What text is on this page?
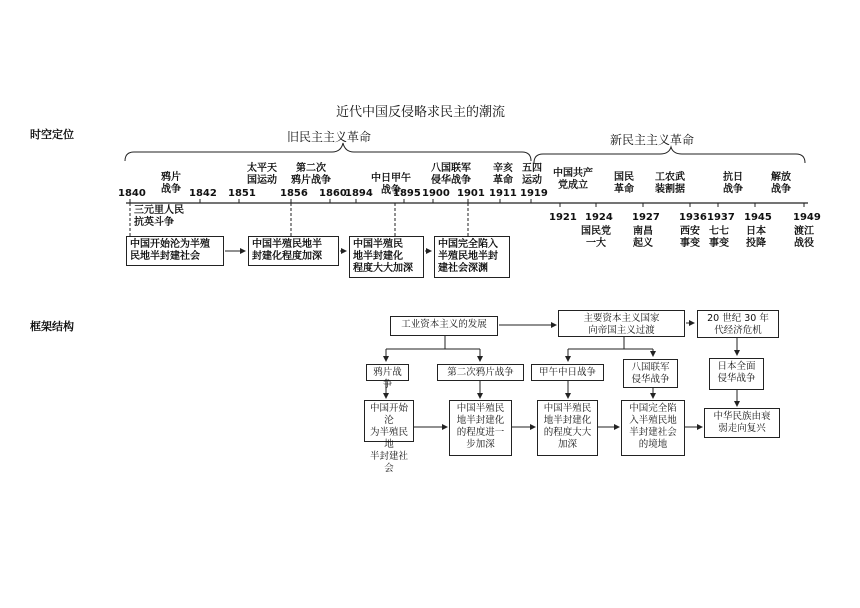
近代中国反侵略求民主的潮流
时空定位
框架结构
旧民主主义革命	新民主主义革命
1840	1842 1851 1856 1860
1894 1895 1900 1901 1911 1919
1921 1924 1927 1936 1937 1945 1949
鸦片
战争
太平天
国运动
第二次
鸦片战争	中日甲午
战争
八国联军
侵华战争
辛亥
革命
五四
运动
中国共产
党成立
国民
革命
工农武
装割据
抗日
战争
解放
战争
三元里人民
抗英斗争
国民党
一大
南昌
起义
西安
事变
七七
事变
日本
投降
渡江
战役
中国开始沦为半殖
民地半封建社会
中国半殖民地半
封建化程度加深
中国半殖民
地半封建化
程度大大加深
中国完全陷入
半殖民地半封
建社会深渊
工业资本主义的发展
主要资本主义国家
向帝国主义过渡
20 世纪 30 年
代经济危机
鸦片战争
第二次鸦片战争	甲午中日战争	八国联军
侵华战争
日本全面
侵华战争
中国开始沦
为半殖民地
半封建社会
中国半殖民
地半封建化
的程度进一
步加深
中国半殖民
地半封建化
的程度大大
加深
中国完全陷
入半殖民地
半封建社会
的境地
中华民族由衰
弱走向复兴
